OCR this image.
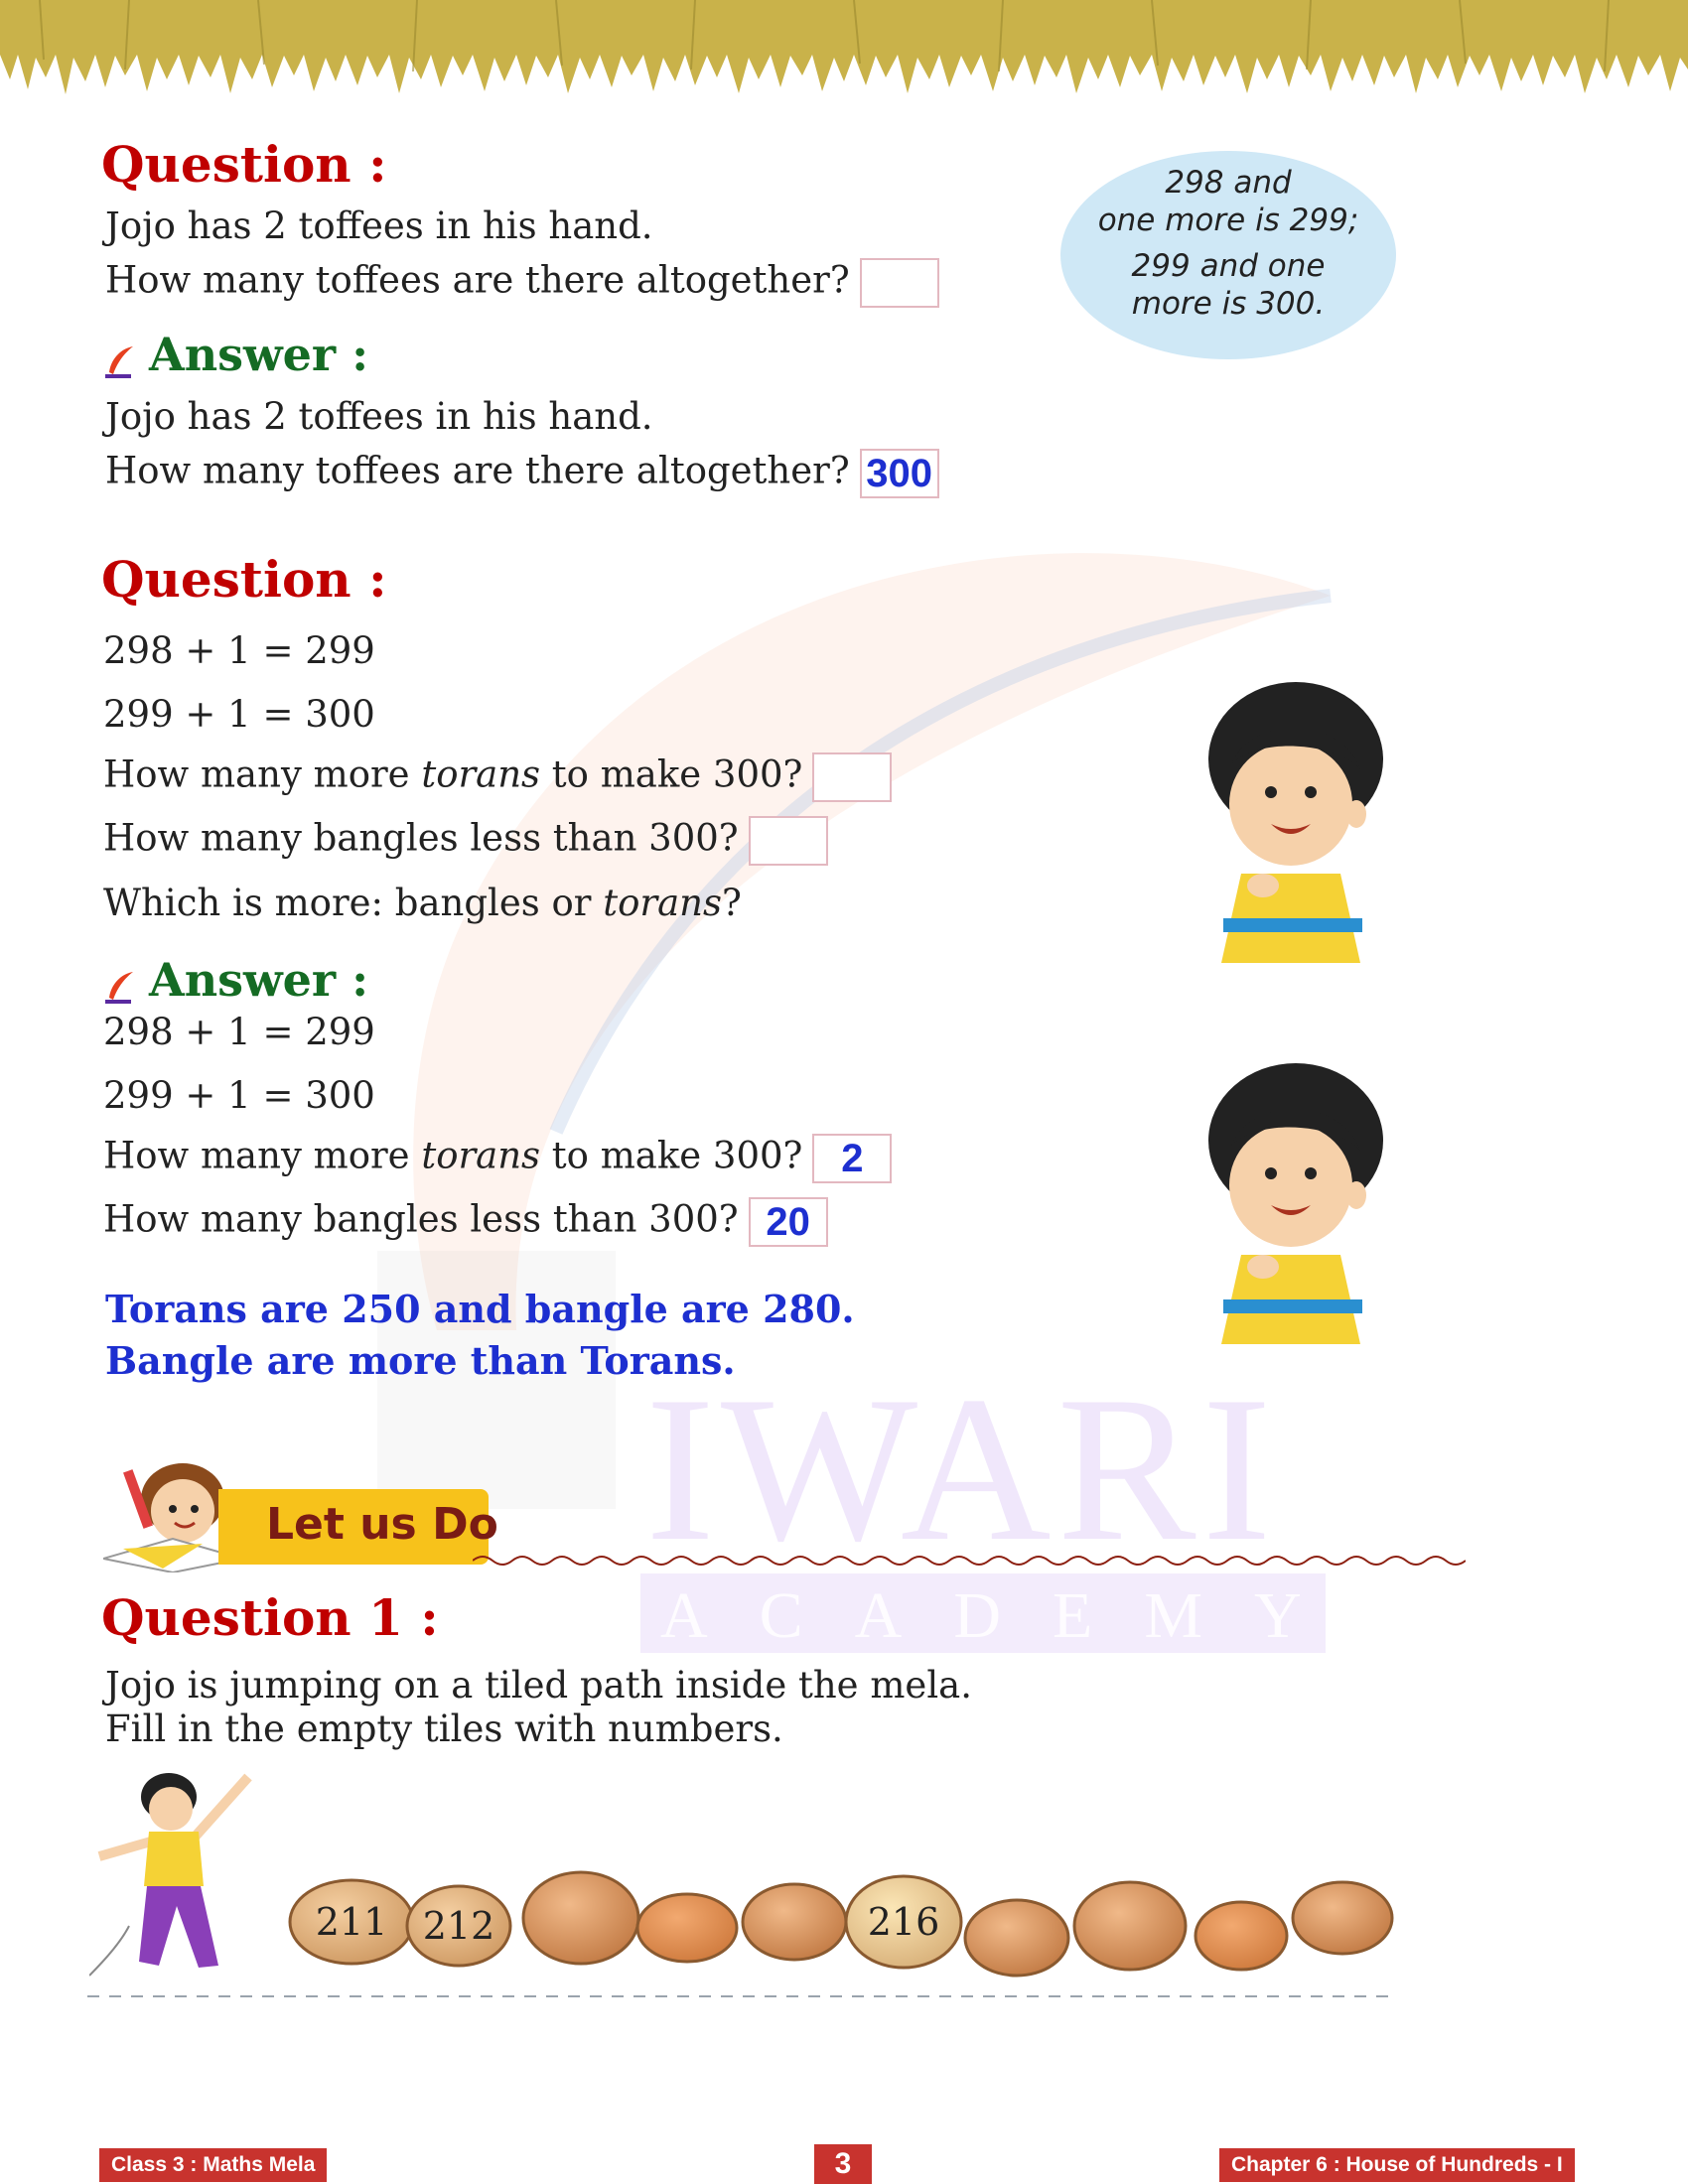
IWARI
ACADEMY
Question :
Jojo has 2 toffees in his hand.
How many toffees are there altogether?
298 and
one more is 299;
299 and one
more is 300.
Answer :
Jojo has 2 toffees in his hand.
How many toffees are there altogether? 300
Question :
298 + 1 = 299
299 + 1 = 300
How many more torans to make 300?
How many bangles less than 300?
Which is more: bangles or torans?
Answer :
298 + 1 = 299
299 + 1 = 300
How many more torans to make 300? 2
How many bangles less than 300? 20
Torans are 250 and bangle are 280.
Bangle are more than Torans.
Let us Do
Question 1 :
Jojo is jumping on a tiled path inside the mela.
Fill in the empty tiles with numbers.
211 212	216
Class 3 : Maths Mela	3	Chapter 6 : House of Hundreds - I
